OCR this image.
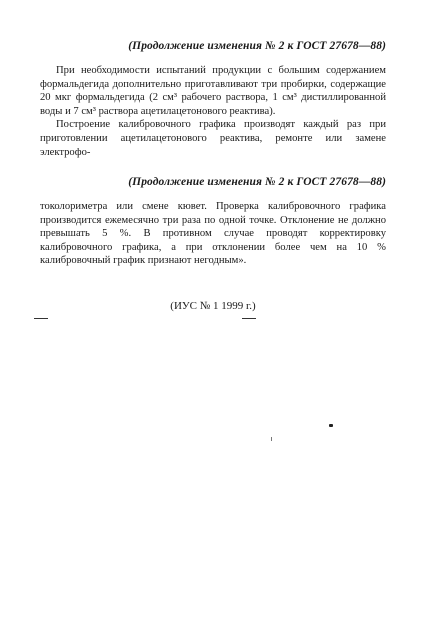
(Продолжение изменения № 2 к ГОСТ 27678—88)

При необходимости испытаний продукции с большим содержанием формальдегида дополнительно приготавливают три пробирки, содержащие 20 мкг формальдегида (2 см³ рабочего раствора, 1 см³ дистиллированной воды и 7 см³ раствора ацетилацетонового реактива).

Построение калибровочного графика производят каждый раз при приготовлении ацетилацетонового реактива, ремонте или замене электрофо-

(Продолжение изменения № 2 к ГОСТ 27678—88)

токолориметра или смене кювет. Проверка калибровочного графика производится ежемесячно три раза по одной точке. Отклонение не должно превышать 5 %. В противном случае проводят корректировку калибровочного графика, а при отклонении более чем на 10 % калибровочный график признают негодным».

(ИУС № 1 1999 г.)
